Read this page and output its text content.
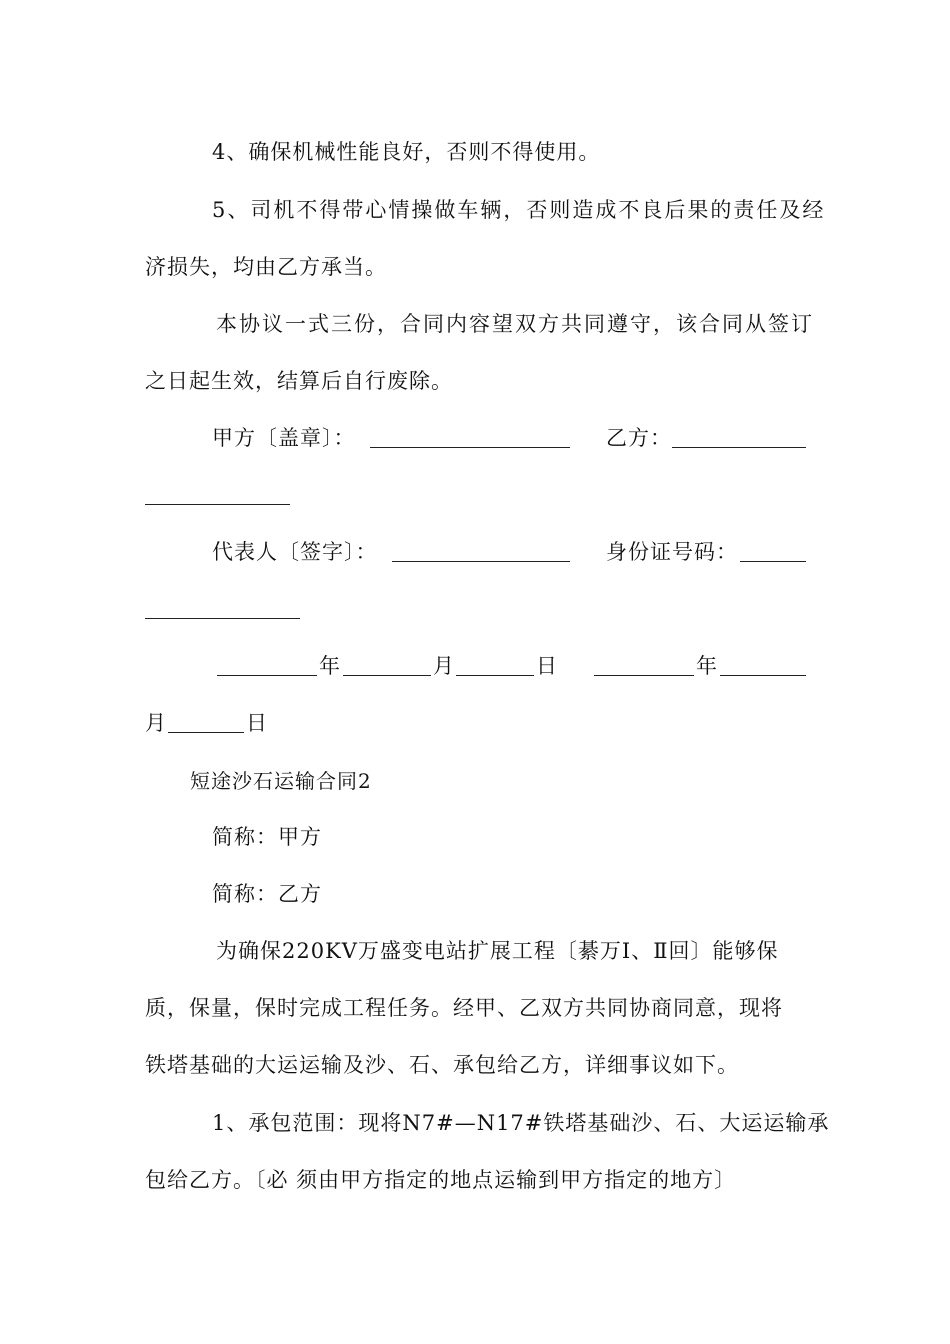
4、确保机械性能良好，否则不得使用。
5、司机不得带心情操做车辆，否则造成不良后果的责任及经
济损失，均由乙方承当。
本协议一式三份，合同内容望双方共同遵守，该合同从签订
之日起生效，结算后自行废除。
甲方〔盖章〕：	乙方：
代表人〔签字〕：	身份证号码：
年	月	日	年
月	日
短途沙石运输合同2
简称：甲方
简称：乙方
为确保220KV万盛变电站扩展工程〔綦万Ⅰ、Ⅱ回〕能够保
质，保量，保时完成工程任务。经甲、乙双方共同协商同意，现将
铁塔基础的大运运输及沙、石、承包给乙方，详细事议如下。
1、承包范围：现将N7#—N17#铁塔基础沙、石、大运运输承
包给乙方。〔必 须由甲方指定的地点运输到甲方指定的地方〕
